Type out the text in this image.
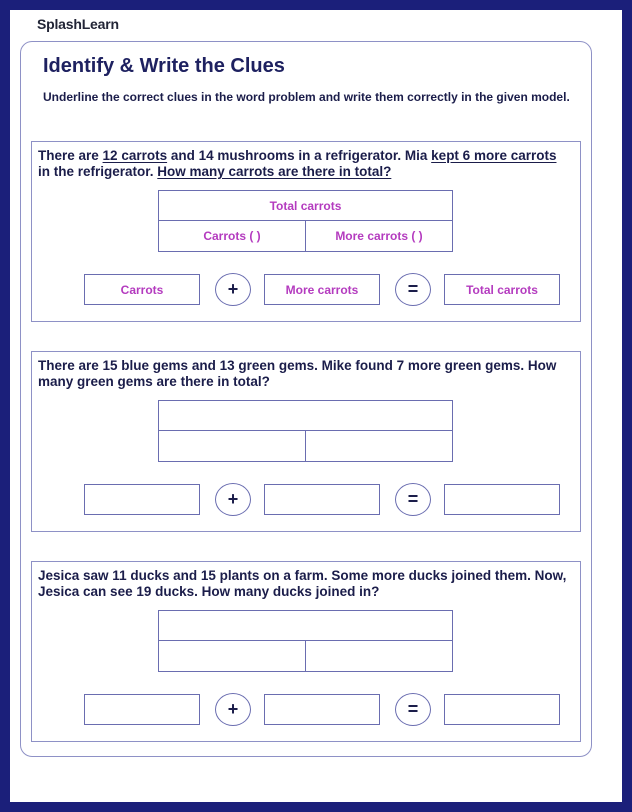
SplashLearn
Identify & Write the Clues
Underline the correct clues in the word problem and write them correctly in the given model.
There are 12 carrots and 14 mushrooms in a refrigerator. Mia kept 6 more carrots in the refrigerator. How many carrots are there in total?
Total carrots
Carrots ( )	More carrots ( )
Carrots	+	More carrots	=	Total carrots
There are 15 blue gems and 13 green gems. Mike found 7 more green gems. How many green gems are there in total?
+	=
Jesica saw 11 ducks and 15 plants on a farm. Some more ducks joined them. Now, Jesica can see 19 ducks. How many ducks joined in?
+	=
